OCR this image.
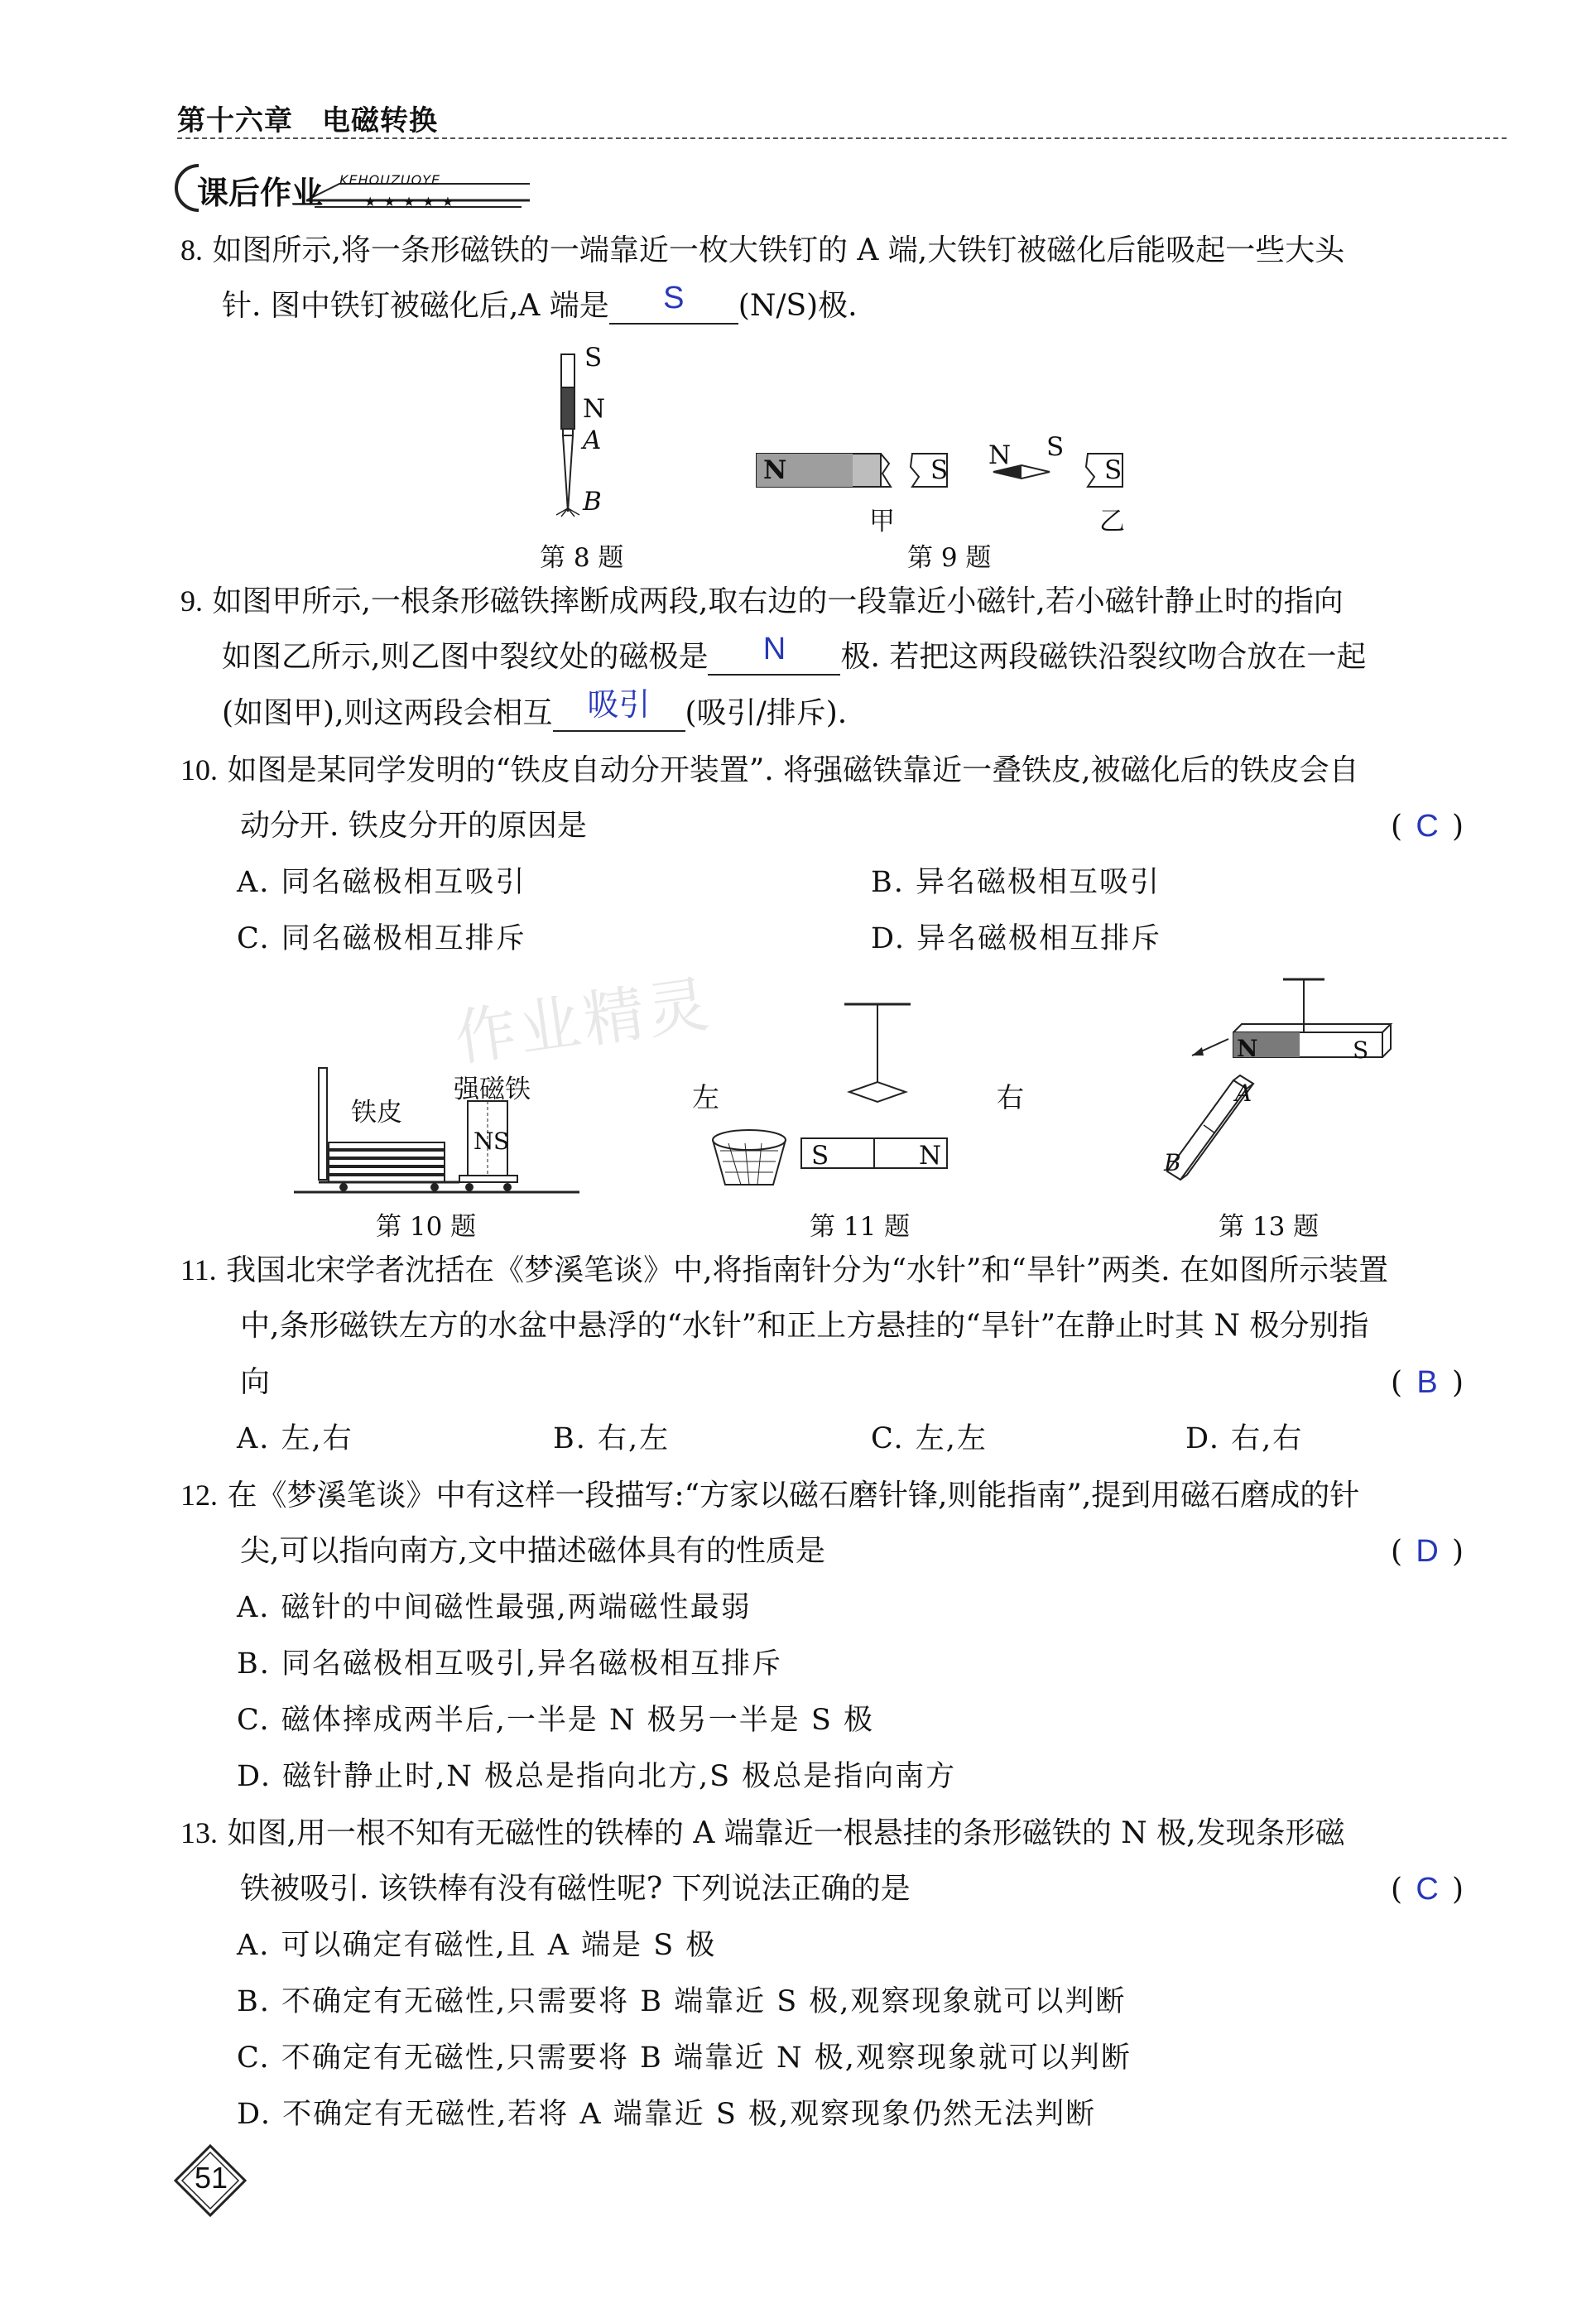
第十六章　电磁转换
课后作业 KEHOUZUOYE
★ ★ ★ ★ ★
作业精灵
8. 如图所示,将一条形磁铁的一端靠近一枚大铁钉的 A 端,大铁钉被磁化后能吸起一些大头
针. 图中铁钉被磁化后,A 端是	S	(N/S)极.
S
N
A
B
第 8 题
N	S N S
S
甲	乙
第 9 题
9. 如图甲所示,一根条形磁铁摔断成两段,取右边的一段靠近小磁针,若小磁针静止时的指向
如图乙所示,则乙图中裂纹处的磁极是	N	极. 若把这两段磁铁沿裂纹吻合放在一起
(如图甲),则这两段会相互	吸引	(吸引/排斥).
10. 如图是某同学发明的“铁皮自动分开装置”. 将强磁铁靠近一叠铁皮,被磁化后的铁皮会自
动分开. 铁皮分开的原因是	( C )
A. 同名磁极相互吸引	B. 异名磁极相互吸引
C. 同名磁极相互排斥	D. 异名磁极相互排斥
铁皮
强磁铁
N S
第 10 题
左	右
S	N
第 11 题
N	S
A
B
第 13 题
11. 我国北宋学者沈括在《梦溪笔谈》中,将指南针分为“水针”和“旱针”两类. 在如图所示装置
中,条形磁铁左方的水盆中悬浮的“水针”和正上方悬挂的“旱针”在静止时其 N 极分别指
向	( B )
A. 左,右	B. 右,左	C. 左,左	D. 右,右
12. 在《梦溪笔谈》中有这样一段描写:“方家以磁石磨针锋,则能指南”,提到用磁石磨成的针
尖,可以指向南方,文中描述磁体具有的性质是	( D )
A. 磁针的中间磁性最强,两端磁性最弱
B. 同名磁极相互吸引,异名磁极相互排斥
C. 磁体摔成两半后,一半是 N 极另一半是 S 极
D. 磁针静止时,N 极总是指向北方,S 极总是指向南方
13. 如图,用一根不知有无磁性的铁棒的 A 端靠近一根悬挂的条形磁铁的 N 极,发现条形磁
铁被吸引. 该铁棒有没有磁性呢? 下列说法正确的是	( C )
A. 可以确定有磁性,且 A 端是 S 极
B. 不确定有无磁性,只需要将 B 端靠近 S 极,观察现象就可以判断
C. 不确定有无磁性,只需要将 B 端靠近 N 极,观察现象就可以判断
D. 不确定有无磁性,若将 A 端靠近 S 极,观察现象仍然无法判断
51
